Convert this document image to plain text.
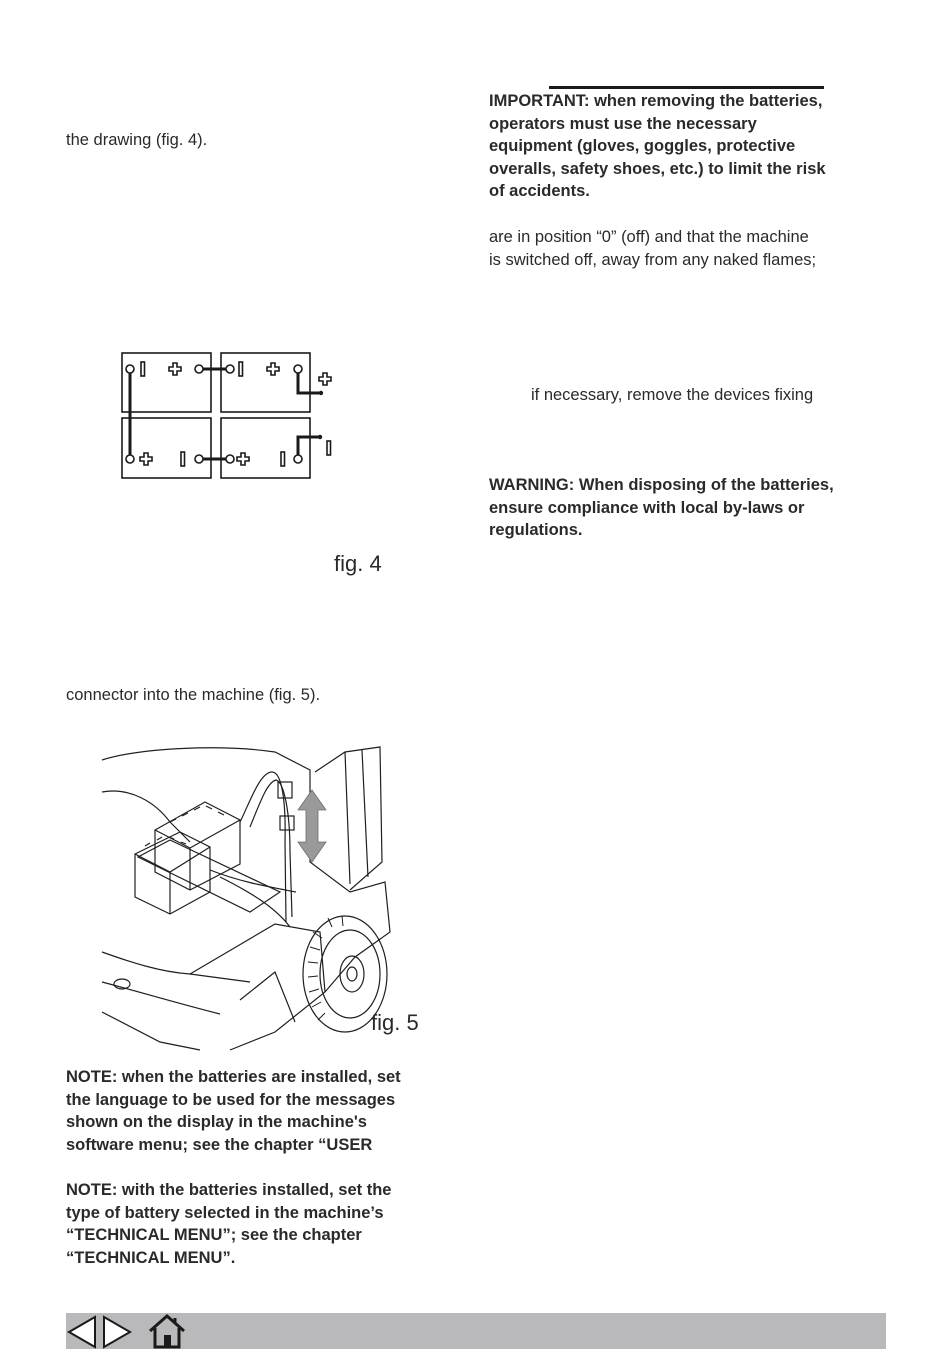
the drawing (fig. 4).

fig. 4

connector into the machine (fig. 5).

fig. 5

NOTE: when the batteries are installed, set
the language to be used for the messages
shown on the display in the machine's
software menu; see the chapter “USER

NOTE: with the batteries installed, set the
type of battery selected in the machine’s
“TECHNICAL MENU”; see the chapter
“TECHNICAL MENU”.

IMPORTANT: when removing the batteries,
operators must use the necessary
equipment (gloves, goggles, protective
overalls, safety shoes, etc.) to limit the risk
of accidents.

are in position “0” (off) and that the machine
is switched off, away from any naked flames;

if necessary, remove the devices fixing

WARNING: When disposing of the batteries,
ensure compliance with local by-laws or
regulations.
